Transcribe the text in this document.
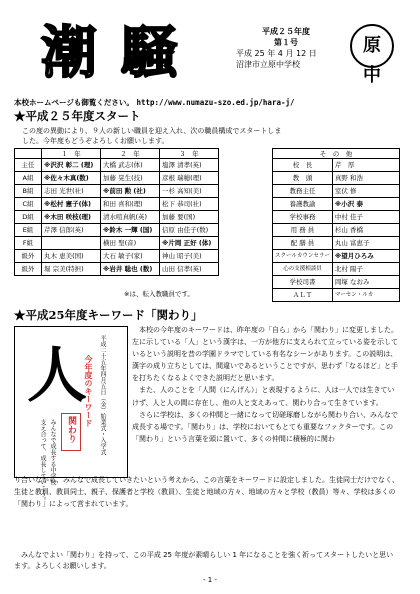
潮 騒	平成２５年度
第１号
平成 25 年 4 月 12 日
沼津市立原中学校
原中
本校ホームページも御覧ください。 http://www.numazu-szo.ed.jp/hara-j/
★平成２５年度スタート

この度の異動により、９人の新しい職員を迎え入れ、次の職員構成でスタートしま

した。今年度もどうぞよろしくお願いします。

	１　年	２　年	３　年
主任	※沢沢 彰二 (理)	大橋 武志(体)	塩澤 清孝(英)
A組	※佐々木真(数)	加藤 晃生(技)	彦根 瑞穂(理)
B組	志田 光世(社)	※前田 勲 (社)	一杉 高知(美)
C組	※松村 憲子(体)	和田 喜和(理)	松下 恭司(社)
D組	※木田 咲枝(理)	清水喧真帆(英)	加藤 要(国)
E組	芹澤 信郎(英)	※鈴木 一輝 (国)	信原 由佳子(数)
F組		横田 聖(音)	※片岡 正好 (体)
級外	丸木 恵美(国)	大石 敏子(家)	神山 昭子(美)
級外	堀 宗美(特担)	※岩井 聡也 (数)	山田 信孝(英)
そ　の　他	
校　長	芹　厚
教　頭	真野 和浩
教務主任	室伏 修
養護教諭	※小沢 泰
学校事務	中村 佳子
用 務 員	杉山 香橋
配 膳 員	丸山 富恵子
スクールカウンセラー	※望月ひろみ
心の支援相談員	北村 陽子
学校司書	岡塚 なおみ
ＡＬＴ	マーセン・ルカ
※は、転入教職員です。
★平成25年度キーワード「関わり」
人 平成二十五年四月五日（金）始業式・入学式
今年度のキーワード
関わり
みんなで成長する中学校
支え合って、成長していこう！

本校の今年度のキーワードは、昨年度の「自ら」から「関わり」に変更しました。左に示している「人」という漢字は、一方が他方に支えられて立っている姿を示しているという説明を昔の学園ドラマでしている有名なシーンがあります。この説明は、漢字の成り立ちとしては、間違いであるということですが、思わず「なるほど」と手を打ちたくなるよくできた説明だと思います。

また、人のことを「人間（にんげん）」と表現するように、人は一人では生きていけず、人と人の間に存在し、他の人と支えあって、関わり合って生きています。

さらに学校は、多くの仲間と一緒になって切磋琢磨しながら関わり合い、みんなで成長する場です。「関わり」は、学校においてもとても重要なファクターです。この「関わり」という言葉を頭に置いて、多くの仲間に積極的に関わ

り合いながら、みんなで成長していきたいという考えから、この言葉をキーワードに設定しました。生徒同士だけでなく、生徒と教員、教員同士、親子、保護者と学校（教員）、生徒と地域の方々、地域の方々と学校（教員）等々、学校は多くの「関わり」によって営まれています。

みんなでよい「関わり」を持って、この平成 25 年度が素晴らしい 1 年になることを強く祈ってスタートしたいと思います。よろしくお願いします。

- 1 -
